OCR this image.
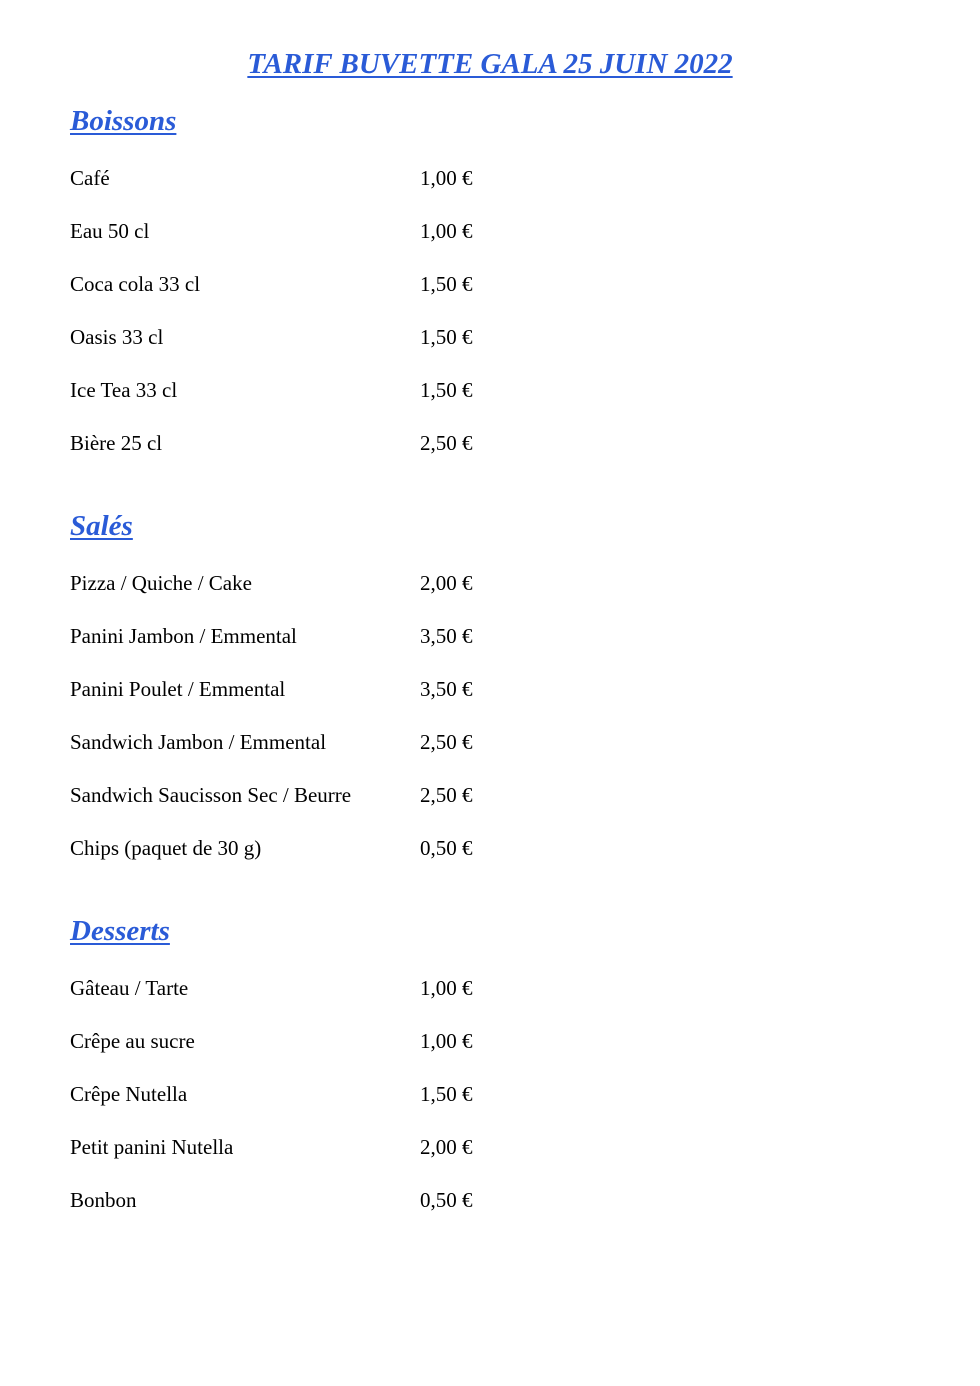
TARIF BUVETTE GALA 25 JUIN 2022
Boissons
Café	1,00 €
Eau 50 cl	1,00 €
Coca cola 33 cl	1,50 €
Oasis 33 cl	1,50 €
Ice Tea 33 cl	1,50 €
Bière 25 cl	2,50 €
Salés
Pizza / Quiche / Cake	2,00 €
Panini Jambon / Emmental	3,50 €
Panini Poulet / Emmental	3,50 €
Sandwich Jambon / Emmental	2,50 €
Sandwich Saucisson Sec / Beurre	2,50 €
Chips (paquet de 30 g)	0,50 €
Desserts
Gâteau / Tarte	1,00 €
Crêpe au sucre	1,00 €
Crêpe Nutella	1,50 €
Petit panini Nutella	2,00 €
Bonbon	0,50 €
